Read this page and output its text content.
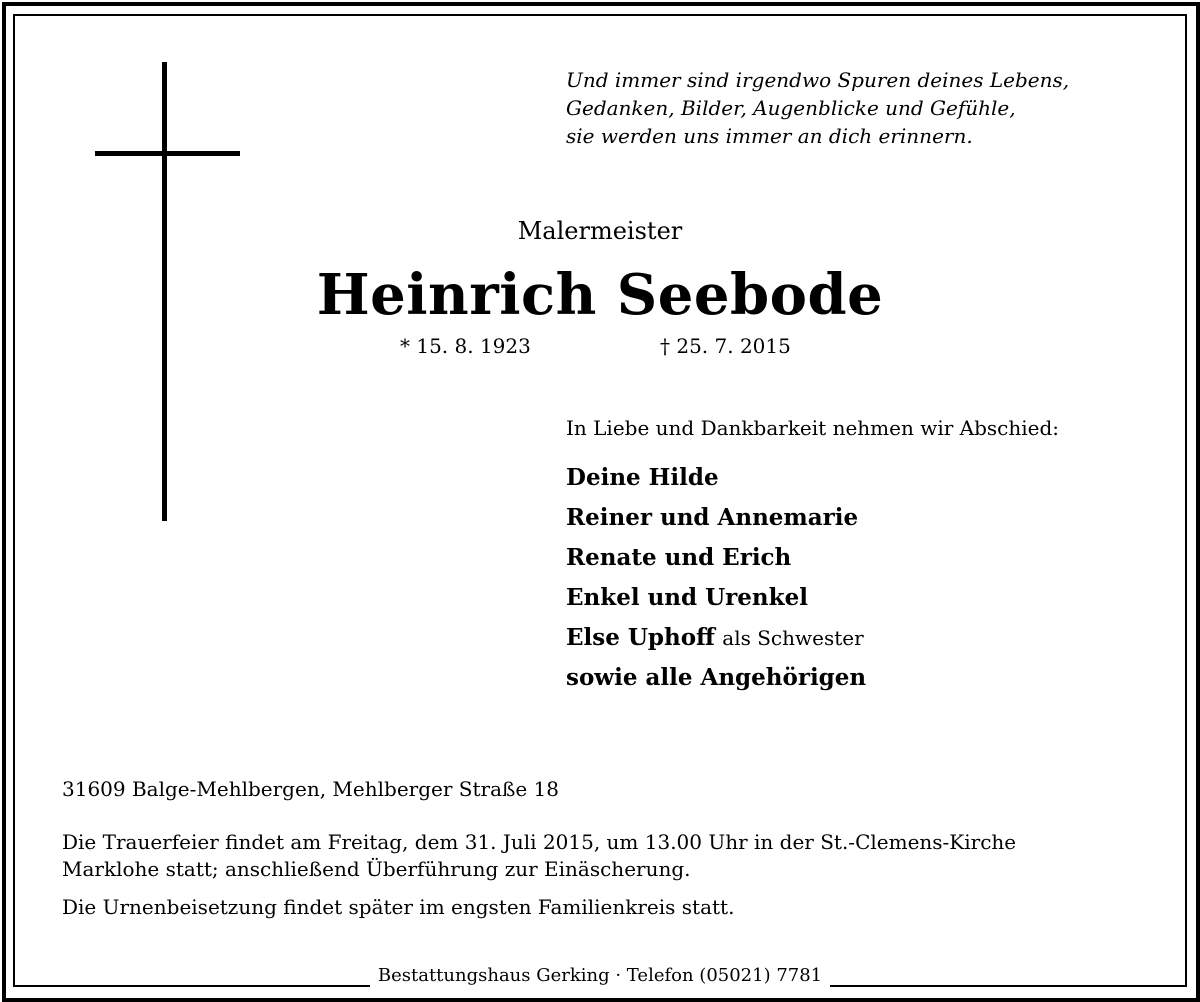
Und immer sind irgendwo Spuren deines Lebens,
Gedanken, Bilder, Augenblicke und Gefühle,
sie werden uns immer an dich erinnern.
Malermeister
Heinrich Seebode
* 15. 8. 1923	† 25. 7. 2015
In Liebe und Dankbarkeit nehmen wir Abschied:
Deine Hilde
Reiner und Annemarie
Renate und Erich
Enkel und Urenkel
Else Uphoff als Schwester
sowie alle Angehörigen
31609 Balge-Mehlbergen, Mehlberger Straße 18
Die Trauerfeier findet am Freitag, dem 31. Juli 2015, um 13.00 Uhr in der St.-Clemens-Kirche
Marklohe statt; anschließend Überführung zur Einäscherung.
Die Urnenbeisetzung findet später im engsten Familienkreis statt.
Bestattungshaus Gerking · Telefon (05021) 7781
